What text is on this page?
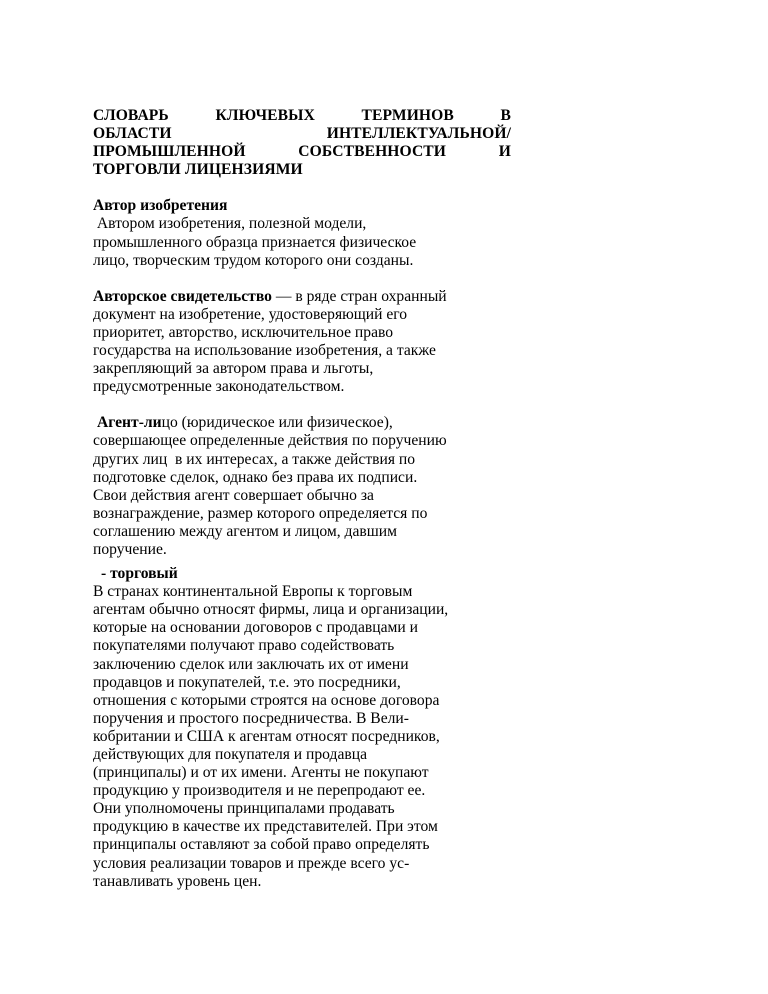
СЛОВАРЬ КЛЮЧЕВЫХ ТЕРМИНОВ В
ОБЛАСТИ ИНТЕЛЛЕКТУАЛЬНОЙ/
ПРОМЫШЛЕННОЙ СОБСТВЕННОСТИ И
ТОРГОВЛИ ЛИЦЕНЗИЯМИ

Автор изобретения

Автором изобретения, полезной модели,

промышленного образца признается физическое

лицо, творческим трудом которого они созданы.

Авторское свидетельство — в ряде стран охранный

документ на изобретение, удостоверяющий его

приоритет, авторство, исключительное право

государства на использование изобретения, а также

закрепляющий за автором права и льготы,

предусмотренные законодательством.

Агент-лицо (юридическое или физическое),

совершающее определенные действия по поручению

других лиц  в их интересах, а также действия по

подготовке сделок, однако без права их подписи.

Свои действия агент совершает обычно за

вознаграждение, размер которого определяется по

соглашению между агентом и лицом, давшим

поручение.

- торговый

В странах континентальной Европы к торговым

агентам обычно относят фирмы, лица и организации,

которые на основании договоров с продавцами и

покупателями получают право содействовать

заключению сделок или заключать их от имени

продавцов и покупателей, т.е. это посредники,

отношения с которыми строятся на основе договора

поручения и простого посредничества. В Вели-

кобритании и США к агентам относят посредников,

действующих для покупателя и продавца

(принципалы) и от их имени. Агенты не покупают

продукцию у производителя и не перепродают ее.

Они уполномочены принципалами продавать

продукцию в качестве их представителей. При этом

принципалы оставляют за собой право определять

условия реализации товаров и прежде всего ус-

танавливать уровень цен.
